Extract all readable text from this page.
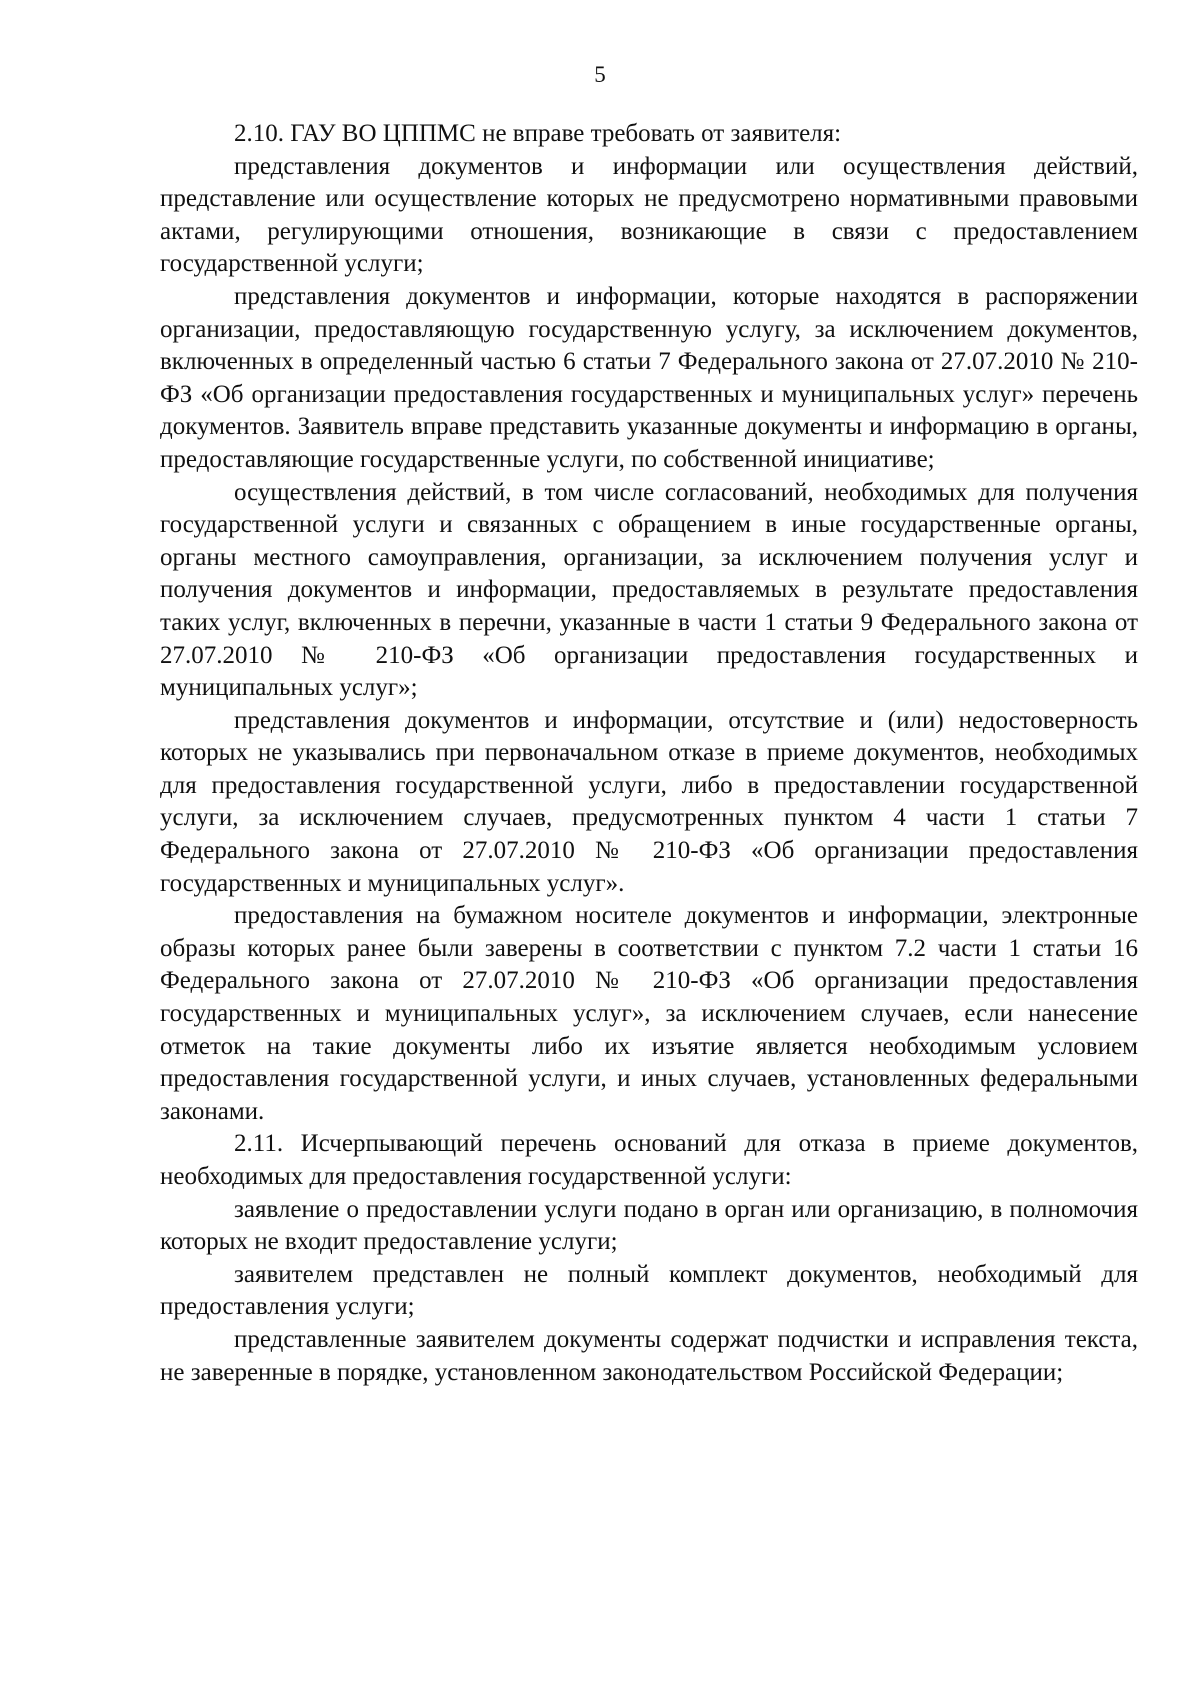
5

2.10. ГАУ ВО ЦППМС не вправе требовать от заявителя:

представления документов и информации или осуществления действий, представление или осуществление которых не предусмотрено нормативными правовыми актами, регулирующими отношения, возникающие в связи с предоставлением государственной услуги;

представления документов и информации, которые находятся в распоряжении организации, предоставляющую государственную услугу, за исключением документов, включенных в определенный частью 6 статьи 7 Федерального закона от 27.07.2010 № 210-ФЗ «Об организации предоставления государственных и муниципальных услуг» перечень документов. Заявитель вправе представить указанные документы и информацию в органы, предоставляющие государственные услуги, по собственной инициативе;

осуществления действий, в том числе согласований, необходимых для получения государственной услуги и связанных с обращением в иные государственные органы, органы местного самоуправления, организации, за исключением получения услуг и получения документов и информации, предоставляемых в результате предоставления таких услуг, включенных в перечни, указанные в части 1 статьи 9 Федерального закона от 27.07.2010 № 210-ФЗ «Об организации предоставления государственных и муниципальных услуг»;

представления документов и информации, отсутствие и (или) недостоверность которых не указывались при первоначальном отказе в приеме документов, необходимых для предоставления государственной услуги, либо в предоставлении государственной услуги, за исключением случаев, предусмотренных пунктом 4 части 1 статьи 7 Федерального закона от 27.07.2010 № 210-ФЗ «Об организации предоставления государственных и муниципальных услуг».

предоставления на бумажном носителе документов и информации, электронные образы которых ранее были заверены в соответствии с пунктом 7.2 части 1 статьи 16 Федерального закона от 27.07.2010 № 210-ФЗ «Об организации предоставления государственных и муниципальных услуг», за исключением случаев, если нанесение отметок на такие документы либо их изъятие является необходимым условием предоставления государственной услуги, и иных случаев, установленных федеральными законами.

2.11. Исчерпывающий перечень оснований для отказа в приеме документов, необходимых для предоставления государственной услуги:

заявление о предоставлении услуги подано в орган или организацию, в полномочия которых не входит предоставление услуги;

заявителем представлен не полный комплект документов, необходимый для предоставления услуги;

представленные заявителем документы содержат подчистки и исправления текста, не заверенные в порядке, установленном законодательством Российской Федерации;
